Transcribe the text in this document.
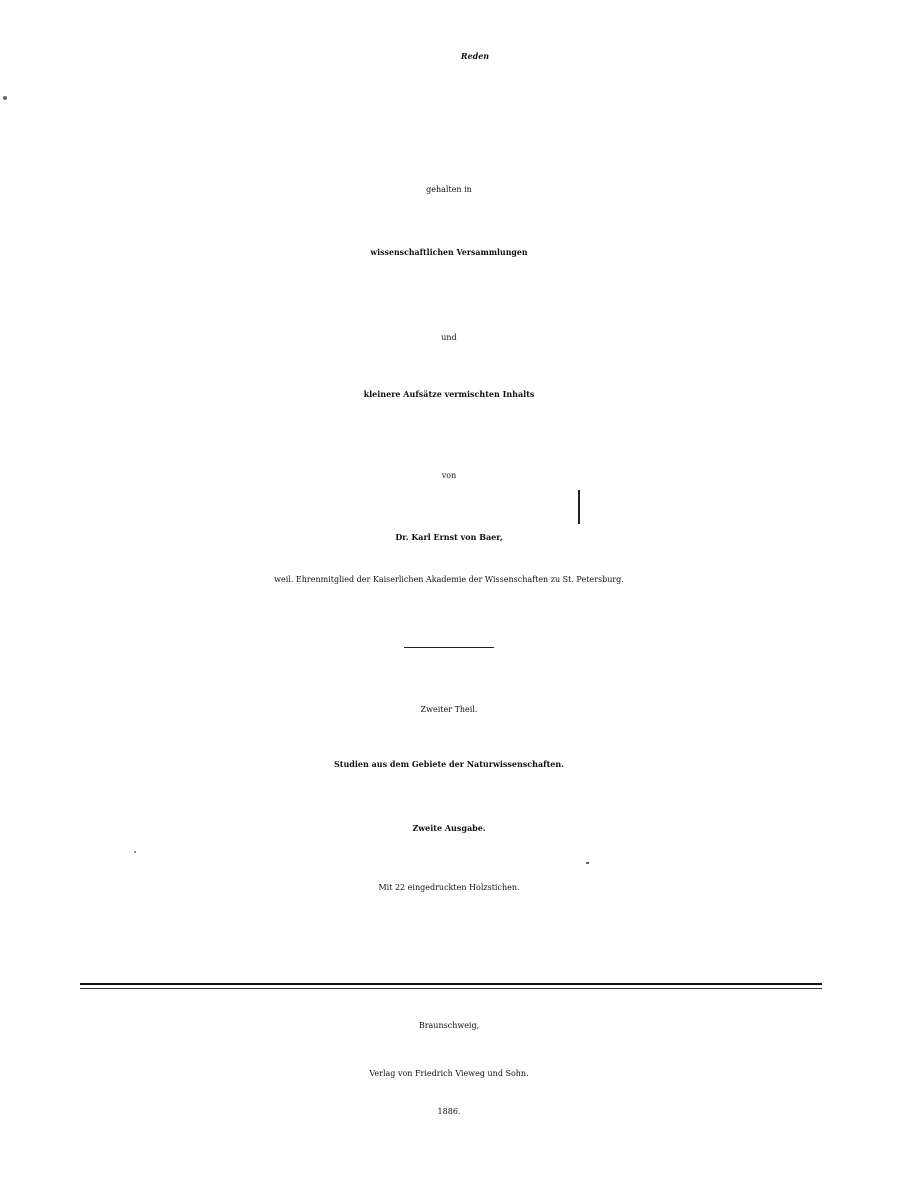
Reden
gehalten in
wissenschaftlichen Versammlungen
und
kleinere Aufsätze vermischten Inhalts
von
Dr. Karl Ernst von Baer,
weil. Ehrenmitglied der Kaiserlichen Akademie der Wissenschaften zu St. Petersburg.
Zweiter Theil.
Studien aus dem Gebiete der Naturwissenschaften.
Zweite Ausgabe.
Mit 22 eingedruckten Holzstichen.
Braunschweig,
Verlag von Friedrich Vieweg und Sohn.
1886.
